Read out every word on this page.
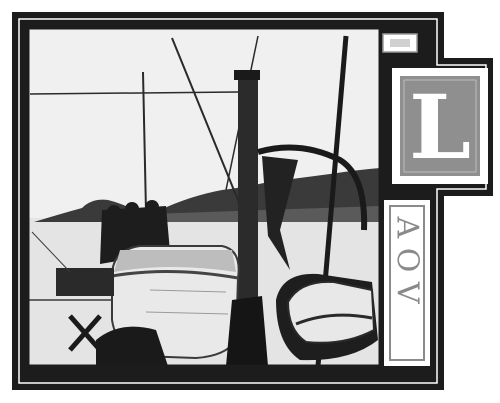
L
A O V
